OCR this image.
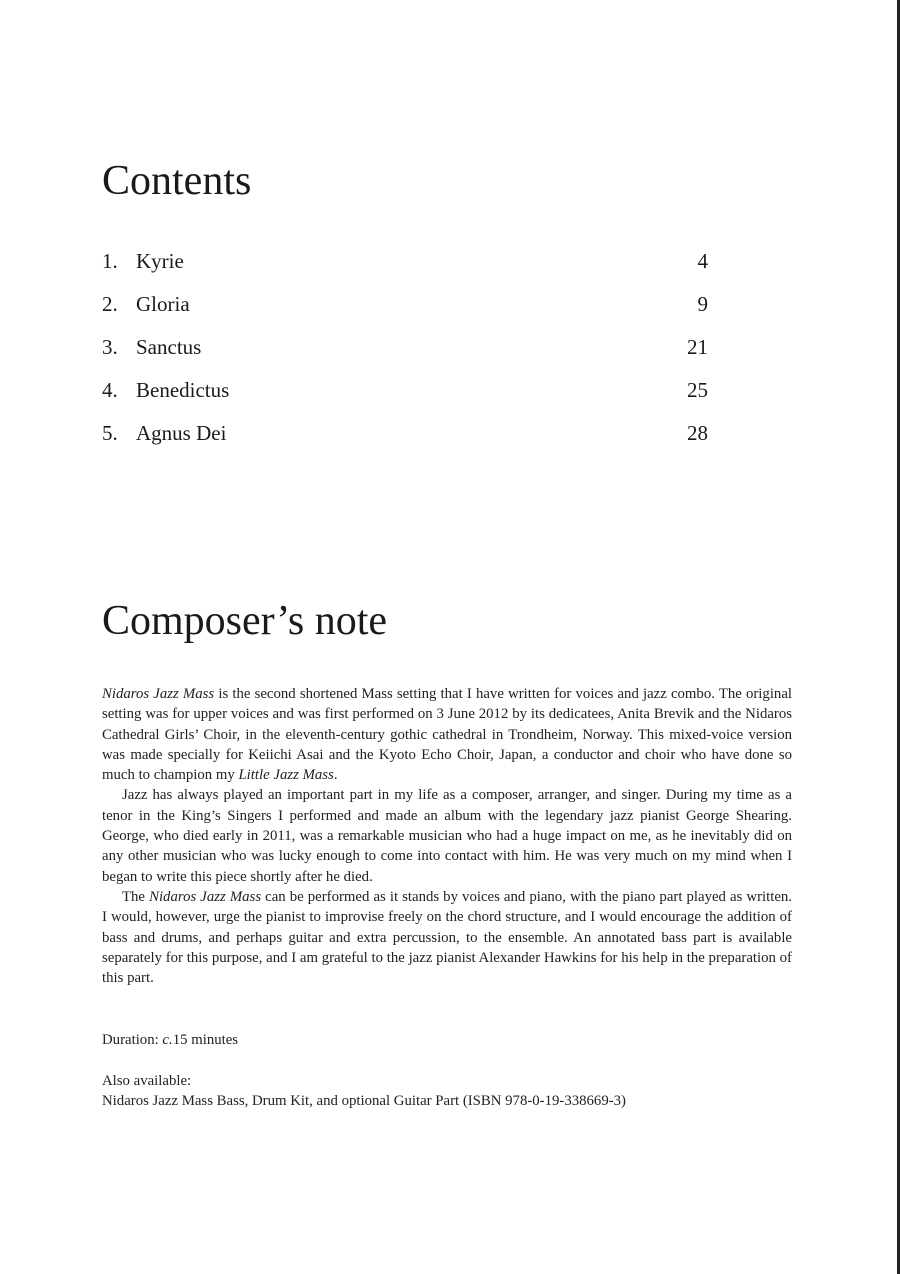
Contents
1. Kyrie	4
2. Gloria	9
3. Sanctus	21
4. Benedictus	25
5. Agnus Dei	28
Composer’s note

Nidaros Jazz Mass is the second shortened Mass setting that I have written for voices and jazz combo. The original setting was for upper voices and was first performed on 3 June 2012 by its dedicatees, Anita Brevik and the Nidaros Cathedral Girls’ Choir, in the eleventh-century gothic cathedral in Trondheim, Norway. This mixed-voice version was made specially for Keiichi Asai and the Kyoto Echo Choir, Japan, a conductor and choir who have done so much to champion my Little Jazz Mass.

Jazz has always played an important part in my life as a composer, arranger, and singer. During my time as a tenor in the King’s Singers I performed and made an album with the legendary jazz pianist George Shearing. George, who died early in 2011, was a remarkable musician who had a huge impact on me, as he inevitably did on any other musician who was lucky enough to come into contact with him. He was very much on my mind when I began to write this piece shortly after he died.

The Nidaros Jazz Mass can be performed as it stands by voices and piano, with the piano part played as written. I would, however, urge the pianist to improvise freely on the chord structure, and I would encourage the addition of bass and drums, and perhaps guitar and extra percussion, to the ensemble. An annotated bass part is available separately for this purpose, and I am grateful to the jazz pianist Alexander Hawkins for his help in the preparation of this part.

Duration: c.15 minutes
Also available:
Nidaros Jazz Mass Bass, Drum Kit, and optional Guitar Part (ISBN 978-0-19-338669-3)
